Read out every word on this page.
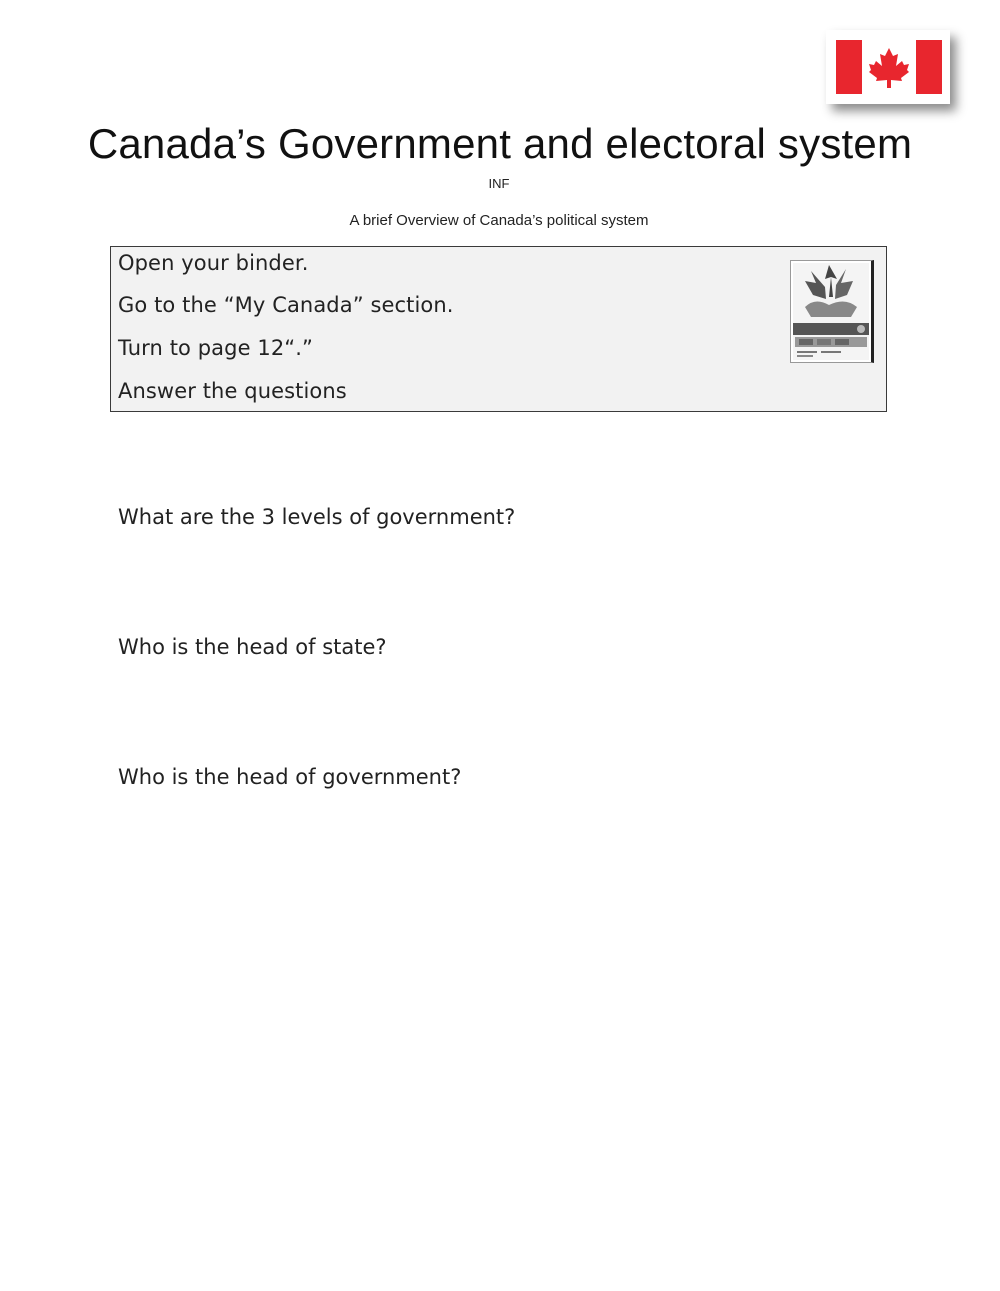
Canada’s Government and electoral system
INF
A brief Overview of Canada’s political system
Open your binder.
Go to the “My Canada” section.
Turn to page 12“.”
Answer the questions
What are the 3 levels of government?
Who is the head of state?
Who is the head of government?
